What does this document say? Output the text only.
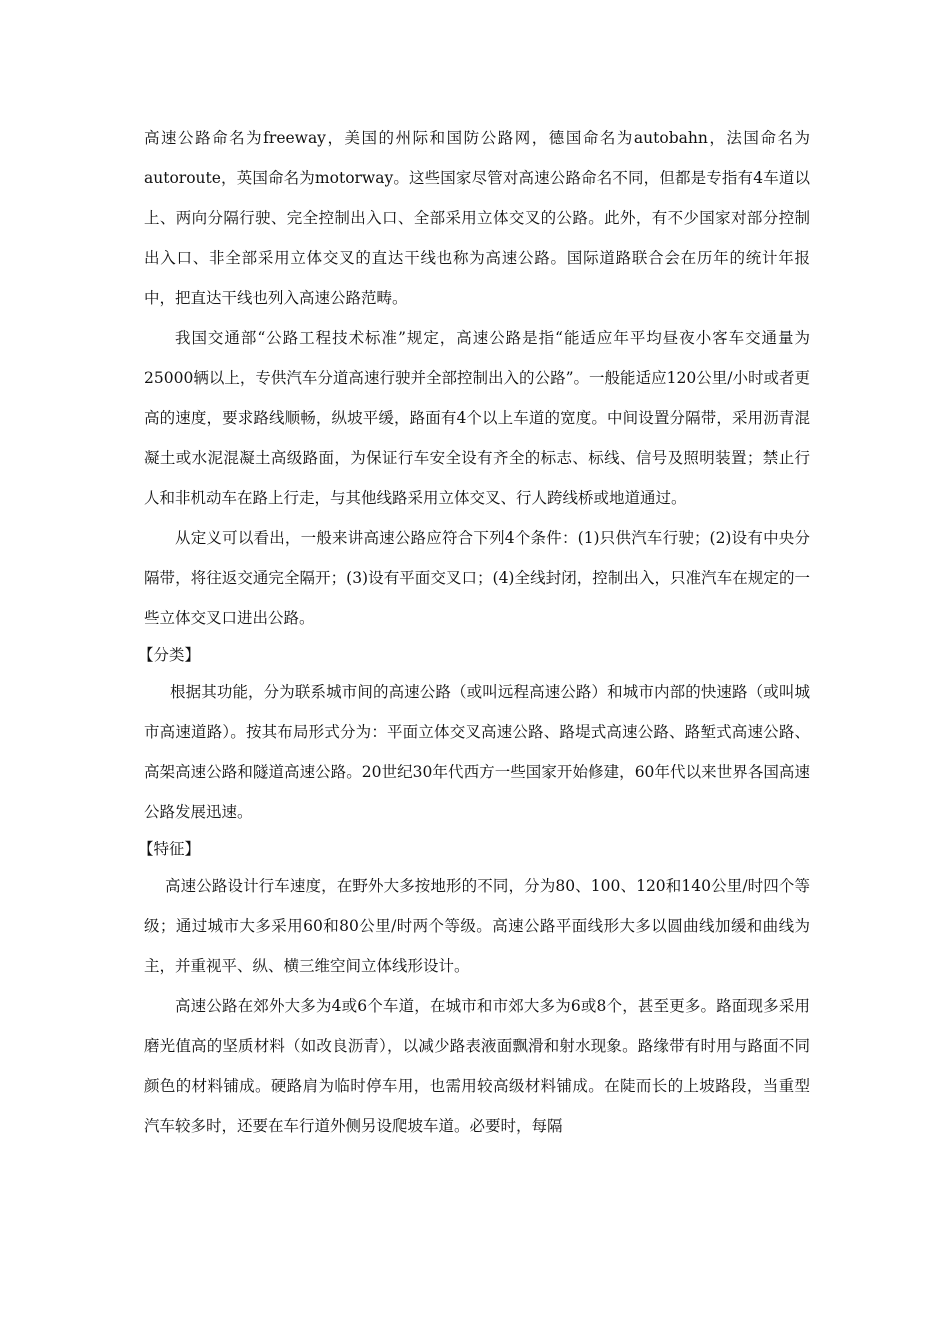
高速公路命名为freeway，美国的州际和国防公路网，德国命名为autobahn，法国命名为autoroute，英国命名为motorway。这些国家尽管对高速公路命名不同，但都是专指有4车道以上、两向分隔行驶、完全控制出入口、全部采用立体交叉的公路。此外，有不少国家对部分控制出入口、非全部采用立体交叉的直达干线也称为高速公路。国际道路联合会在历年的统计年报中，把直达干线也列入高速公路范畴。

我国交通部“公路工程技术标准”规定，高速公路是指“能适应年平均昼夜小客车交通量为25000辆以上，专供汽车分道高速行驶并全部控制出入的公路”。一般能适应120公里/小时或者更高的速度，要求路线顺畅，纵坡平缓，路面有4个以上车道的宽度。中间设置分隔带，采用沥青混凝土或水泥混凝土高级路面，为保证行车安全设有齐全的标志、标线、信号及照明装置；禁止行人和非机动车在路上行走，与其他线路采用立体交叉、行人跨线桥或地道通过。

从定义可以看出，一般来讲高速公路应符合下列4个条件：(1)只供汽车行驶；(2)设有中央分隔带，将往返交通完全隔开；(3)设有平面交叉口；(4)全线封闭，控制出入，只准汽车在规定的一些立体交叉口进出公路。

【分类】

根据其功能，分为联系城市间的高速公路（或叫远程高速公路）和城市内部的快速路（或叫城市高速道路）。按其布局形式分为：平面立体交叉高速公路、路堤式高速公路、路堑式高速公路、高架高速公路和隧道高速公路。20世纪30年代西方一些国家开始修建，60年代以来世界各国高速公路发展迅速。

【特征】

高速公路设计行车速度，在野外大多按地形的不同，分为80、100、120和140公里/时四个等级；通过城市大多采用60和80公里/时两个等级。高速公路平面线形大多以圆曲线加缓和曲线为主，并重视平、纵、横三维空间立体线形设计。

高速公路在郊外大多为4或6个车道，在城市和市郊大多为6或8个，甚至更多。路面现多采用磨光值高的坚质材料（如改良沥青），以减少路表液面飘滑和射水现象。路缘带有时用与路面不同颜色的材料铺成。硬路肩为临时停车用，也需用较高级材料铺成。在陡而长的上坡路段，当重型汽车较多时，还要在车行道外侧另设爬坡车道。必要时，每隔
